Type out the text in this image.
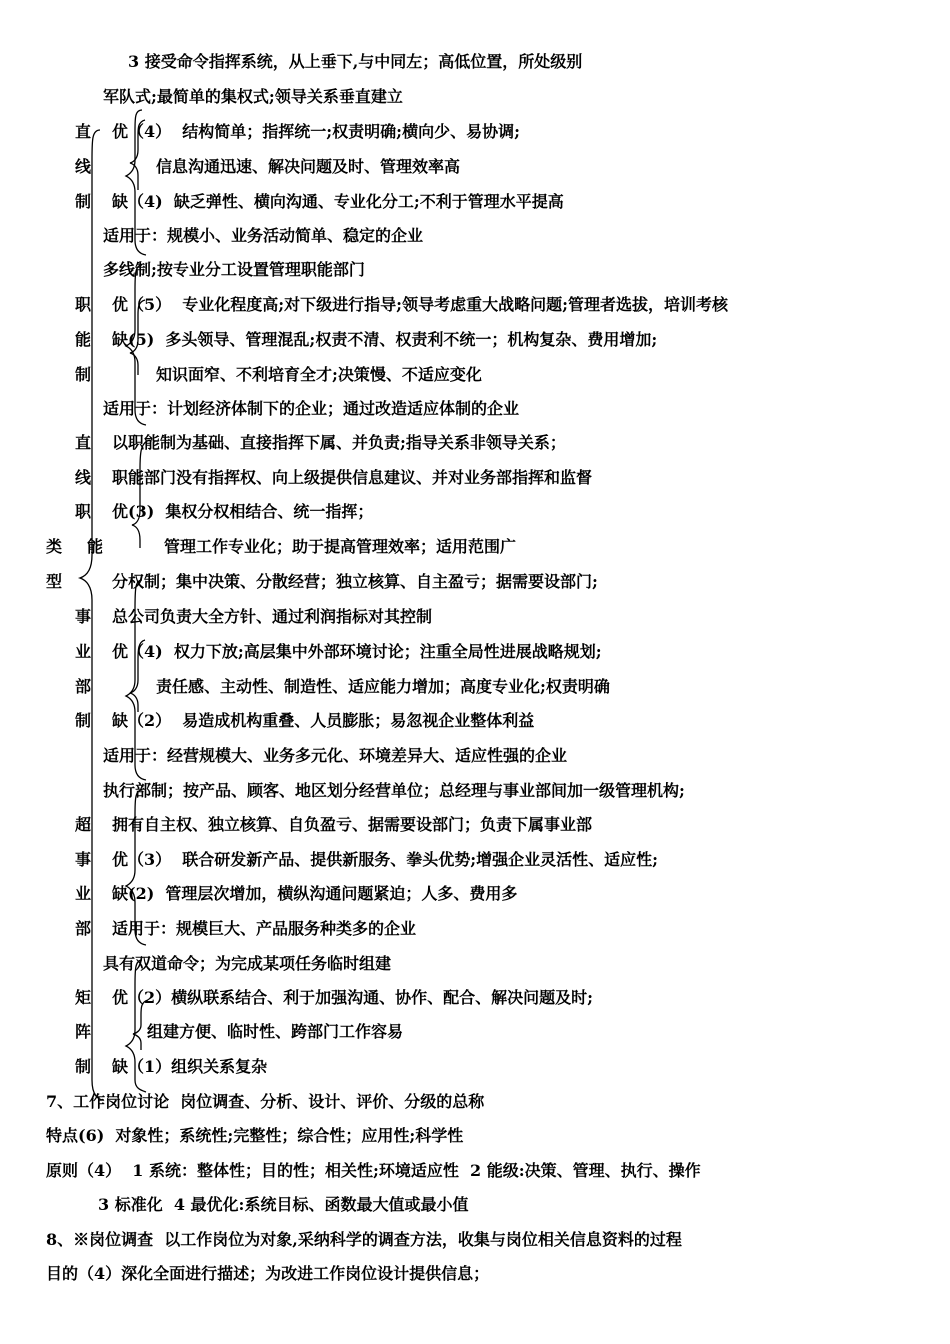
直
线
制
职
能
制
直
线
职
能
事
业
部
制
超
事
业
部
矩
阵
制
类
型
3 接受命令指挥系统，从上垂下,与中同左；高低位置，所处级别
军队式;最简单的集权式;领导关系垂直建立
优（4）  结构简单；指挥统一;权责明确;横向少、易协调;
信息沟通迅速、解决问题及时、管理效率高
缺（4)  缺乏弹性、横向沟通、专业化分工;不利于管理水平提高
适用于：规模小、业务活动简单、稳定的企业
多线制;按专业分工设置管理职能部门
优（5）  专业化程度高;对下级进行指导;领导考虑重大战略问题;管理者选拔，培训考核
缺(5)  多头领导、管理混乱;权责不清、权责利不统一；机构复杂、费用增加;
知识面窄、不利培育全才;决策慢、不适应变化
适用于：计划经济体制下的企业；通过改造适应体制的企业
以职能制为基础、直接指挥下属、并负责;指导关系非领导关系；
职能部门没有指挥权、向上级提供信息建议、并对业务部指挥和监督
优(3)  集权分权相结合、统一指挥；
管理工作专业化；助于提高管理效率；适用范围广
分权制；集中决策、分散经营；独立核算、自主盈亏；据需要设部门;
总公司负责大全方针、通过利润指标对其控制
优（4)  权力下放;高层集中外部环境讨论；注重全局性进展战略规划;
责任感、主动性、制造性、适应能力增加；高度专业化;权责明确
缺（2）  易造成机构重叠、人员膨胀；易忽视企业整体利益
适用于：经营规模大、业务多元化、环境差异大、适应性强的企业
执行部制；按产品、顾客、地区划分经营单位；总经理与事业部间加一级管理机构;
拥有自主权、独立核算、自负盈亏、据需要设部门；负责下属事业部
优（3）  联合研发新产品、提供新服务、拳头优势;增强企业灵活性、适应性;
缺(2)  管理层次增加，横纵沟通问题紧迫；人多、费用多
适用于：规模巨大、产品服务种类多的企业
具有双道命令；为完成某项任务临时组建
优（2）横纵联系结合、利于加强沟通、协作、配合、解决问题及时;
组建方便、临时性、跨部门工作容易
缺（1）组织关系复杂
7、工作岗位讨论  岗位调查、分析、设计、评价、分级的总称
特点(6)  对象性；系统性;完整性；综合性；应用性;科学性
原则（4）  1 系统：整体性；目的性；相关性;环境适应性  2 能级:决策、管理、执行、操作
3 标准化  4 最优化:系统目标、函数最大值或最小值
8、※岗位调查  以工作岗位为对象,采纳科学的调查方法，收集与岗位相关信息资料的过程
目的（4）深化全面进行描述；为改进工作岗位设计提供信息；
